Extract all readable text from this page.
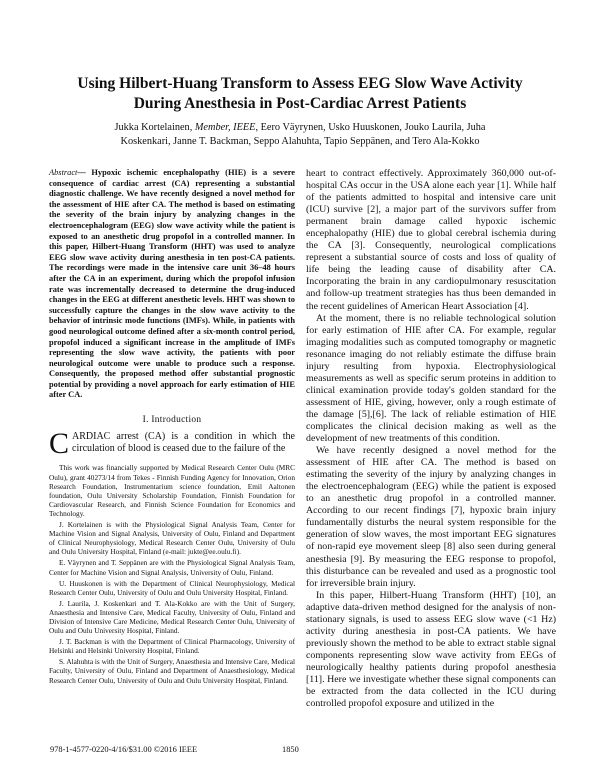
Using Hilbert-Huang Transform to Assess EEG Slow Wave Activity
During Anesthesia in Post-Cardiac Arrest Patients
Jukka Kortelainen, Member, IEEE, Eero Väyrynen, Usko Huuskonen, Jouko Laurila, Juha
Koskenkari, Janne T. Backman, Seppo Alahuhta, Tapio Seppänen, and Tero Ala-Kokko

Abstract— Hypoxic ischemic encephalopathy (HIE) is a severe consequence of cardiac arrest (CA) representing a substantial diagnostic challenge. We have recently designed a novel method for the assessment of HIE after CA. The method is based on estimating the severity of the brain injury by analyzing changes in the electroencephalogram (EEG) slow wave activity while the patient is exposed to an anesthetic drug propofol in a controlled manner. In this paper, Hilbert-Huang Transform (HHT) was used to analyze EEG slow wave activity during anesthesia in ten post-CA patients. The recordings were made in the intensive care unit 36–48 hours after the CA in an experiment, during which the propofol infusion rate was incrementally decreased to determine the drug-induced changes in the EEG at different anesthetic levels. HHT was shown to successfully capture the changes in the slow wave activity to the behavior of intrinsic mode functions (IMFs). While, in patients with good neurological outcome defined after a six-month control period, propofol induced a significant increase in the amplitude of IMFs representing the slow wave activity, the patients with poor neurological outcome were unable to produce such a response. Consequently, the proposed method offer substantial prognostic potential by providing a novel approach for early estimation of HIE after CA.

I. Introduction

CARDIAC arrest (CA) is a condition in which the circulation of blood is ceased due to the failure of the

This work was financially supported by Medical Research Center Oulu (MRC Oulu), grant 40273/14 from Tekes - Finnish Funding Agency for Innovation, Orion Research Foundation, Instrumentarium science foundation, Emil Aaltonen foundation, Oulu University Scholarship Foundation, Finnish Foundation for Cardiovascular Research, and Finnish Science Foundation for Economics and Technology.

J. Kortelainen is with the Physiological Signal Analysis Team, Center for Machine Vision and Signal Analysis, University of Oulu, Finland and Department of Clinical Neurophysiology, Medical Research Center Oulu, University of Oulu and Oulu University Hospital, Finland (e-mail: jukte@ee.oulu.fi).

E. Väyrynen and T. Seppänen are with the Physiological Signal Analysis Team, Center for Machine Vision and Signal Analysis, University of Oulu, Finland.

U. Huuskonen is with the Department of Clinical Neurophysiology, Medical Research Center Oulu, University of Oulu and Oulu University Hospital, Finland.

J. Laurila, J. Koskenkari and T. Ala-Kokko are with the Unit of Surgery, Anaesthesia and Intensive Care, Medical Faculty, University of Oulu, Finland and Division of Intensive Care Medicine, Medical Research Center Oulu, University of Oulu and Oulu University Hospital, Finland.

J. T. Backman is with the Department of Clinical Pharmacology, University of Helsinki and Helsinki University Hospital, Finland.

S. Alahuhta is with the Unit of Surgery, Anaesthesia and Intensive Care, Medical Faculty, University of Oulu, Finland and Department of Anaesthesiology, Medical Research Center Oulu, University of Oulu and Oulu University Hospital, Finland.

heart to contract effectively. Approximately 360,000 out-of-hospital CAs occur in the USA alone each year [1]. While half of the patients admitted to hospital and intensive care unit (ICU) survive [2], a major part of the survivors suffer from permanent brain damage called hypoxic ischemic encephalopathy (HIE) due to global cerebral ischemia during the CA [3]. Consequently, neurological complications represent a substantial source of costs and loss of quality of life being the leading cause of disability after CA. Incorporating the brain in any cardiopulmonary resuscitation and follow-up treatment strategies has thus been demanded in the recent guidelines of American Heart Association [4].

At the moment, there is no reliable technological solution for early estimation of HIE after CA. For example, regular imaging modalities such as computed tomography or magnetic resonance imaging do not reliably estimate the diffuse brain injury resulting from hypoxia. Electrophysiological measurements as well as specific serum proteins in addition to clinical examination provide today's golden standard for the assessment of HIE, giving, however, only a rough estimate of the damage [5],[6]. The lack of reliable estimation of HIE complicates the clinical decision making as well as the development of new treatments of this condition.

We have recently designed a novel method for the assessment of HIE after CA. The method is based on estimating the severity of the injury by analyzing changes in the electroencephalogram (EEG) while the patient is exposed to an anesthetic drug propofol in a controlled manner. According to our recent findings [7], hypoxic brain injury fundamentally disturbs the neural system responsible for the generation of slow waves, the most important EEG signatures of non-rapid eye movement sleep [8] also seen during general anesthesia [9]. By measuring the EEG response to propofol, this disturbance can be revealed and used as a prognostic tool for irreversible brain injury.

In this paper, Hilbert-Huang Transform (HHT) [10], an adaptive data-driven method designed for the analysis of non-stationary signals, is used to assess EEG slow wave (<1 Hz) activity during anesthesia in post-CA patients. We have previously shown the method to be able to extract stable signal components representing slow wave activity from EEGs of neurologically healthy patients during propofol anesthesia [11]. Here we investigate whether these signal components can be extracted from the data collected in the ICU during controlled propofol exposure and utilized in the

978-1-4577-0220-4/16/$31.00 ©2016 IEEE	1850
